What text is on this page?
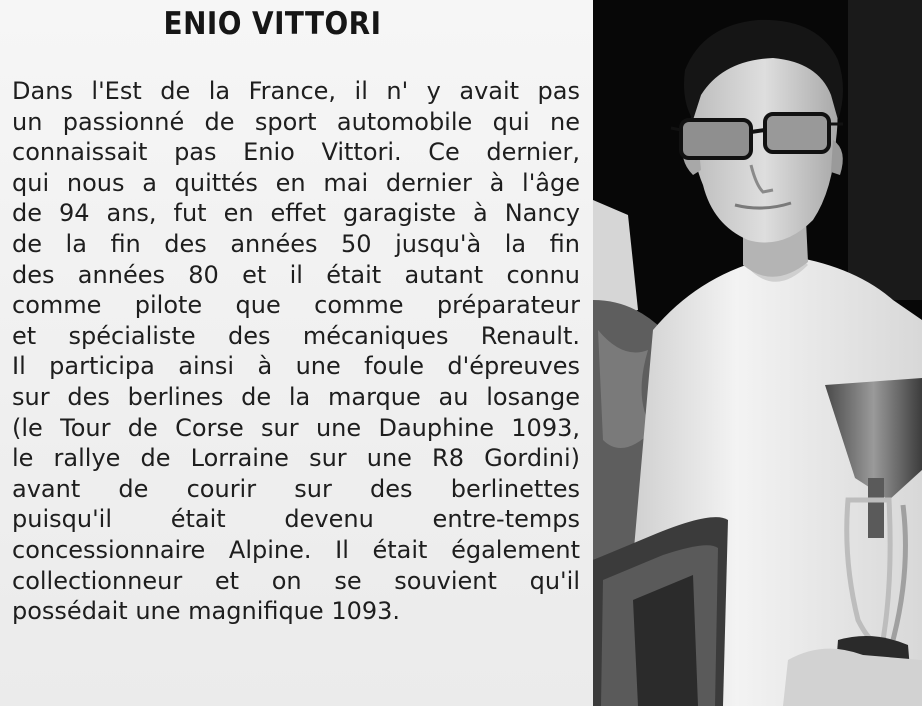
ENIO VITTORI
Dans l'Est de la France, il n' y avait pas
un passionné de sport automobile qui ne
connaissait pas Enio Vittori. Ce dernier,
qui nous a quittés en mai dernier à l'âge
de 94 ans, fut en effet garagiste à Nancy
de la fin des années 50 jusqu'à la fin
des années 80 et il était autant connu
comme pilote que comme préparateur
et spécialiste des mécaniques Renault.
Il participa ainsi à une foule d'épreuves
sur des berlines de la marque au losange
(le Tour de Corse sur une Dauphine 1093,
le rallye de Lorraine sur une R8 Gordini)
avant de courir sur des berlinettes
puisqu'il était devenu entre-temps
concessionnaire Alpine. Il était également
collectionneur et on se souvient qu'il
possédait une magnifique 1093.
